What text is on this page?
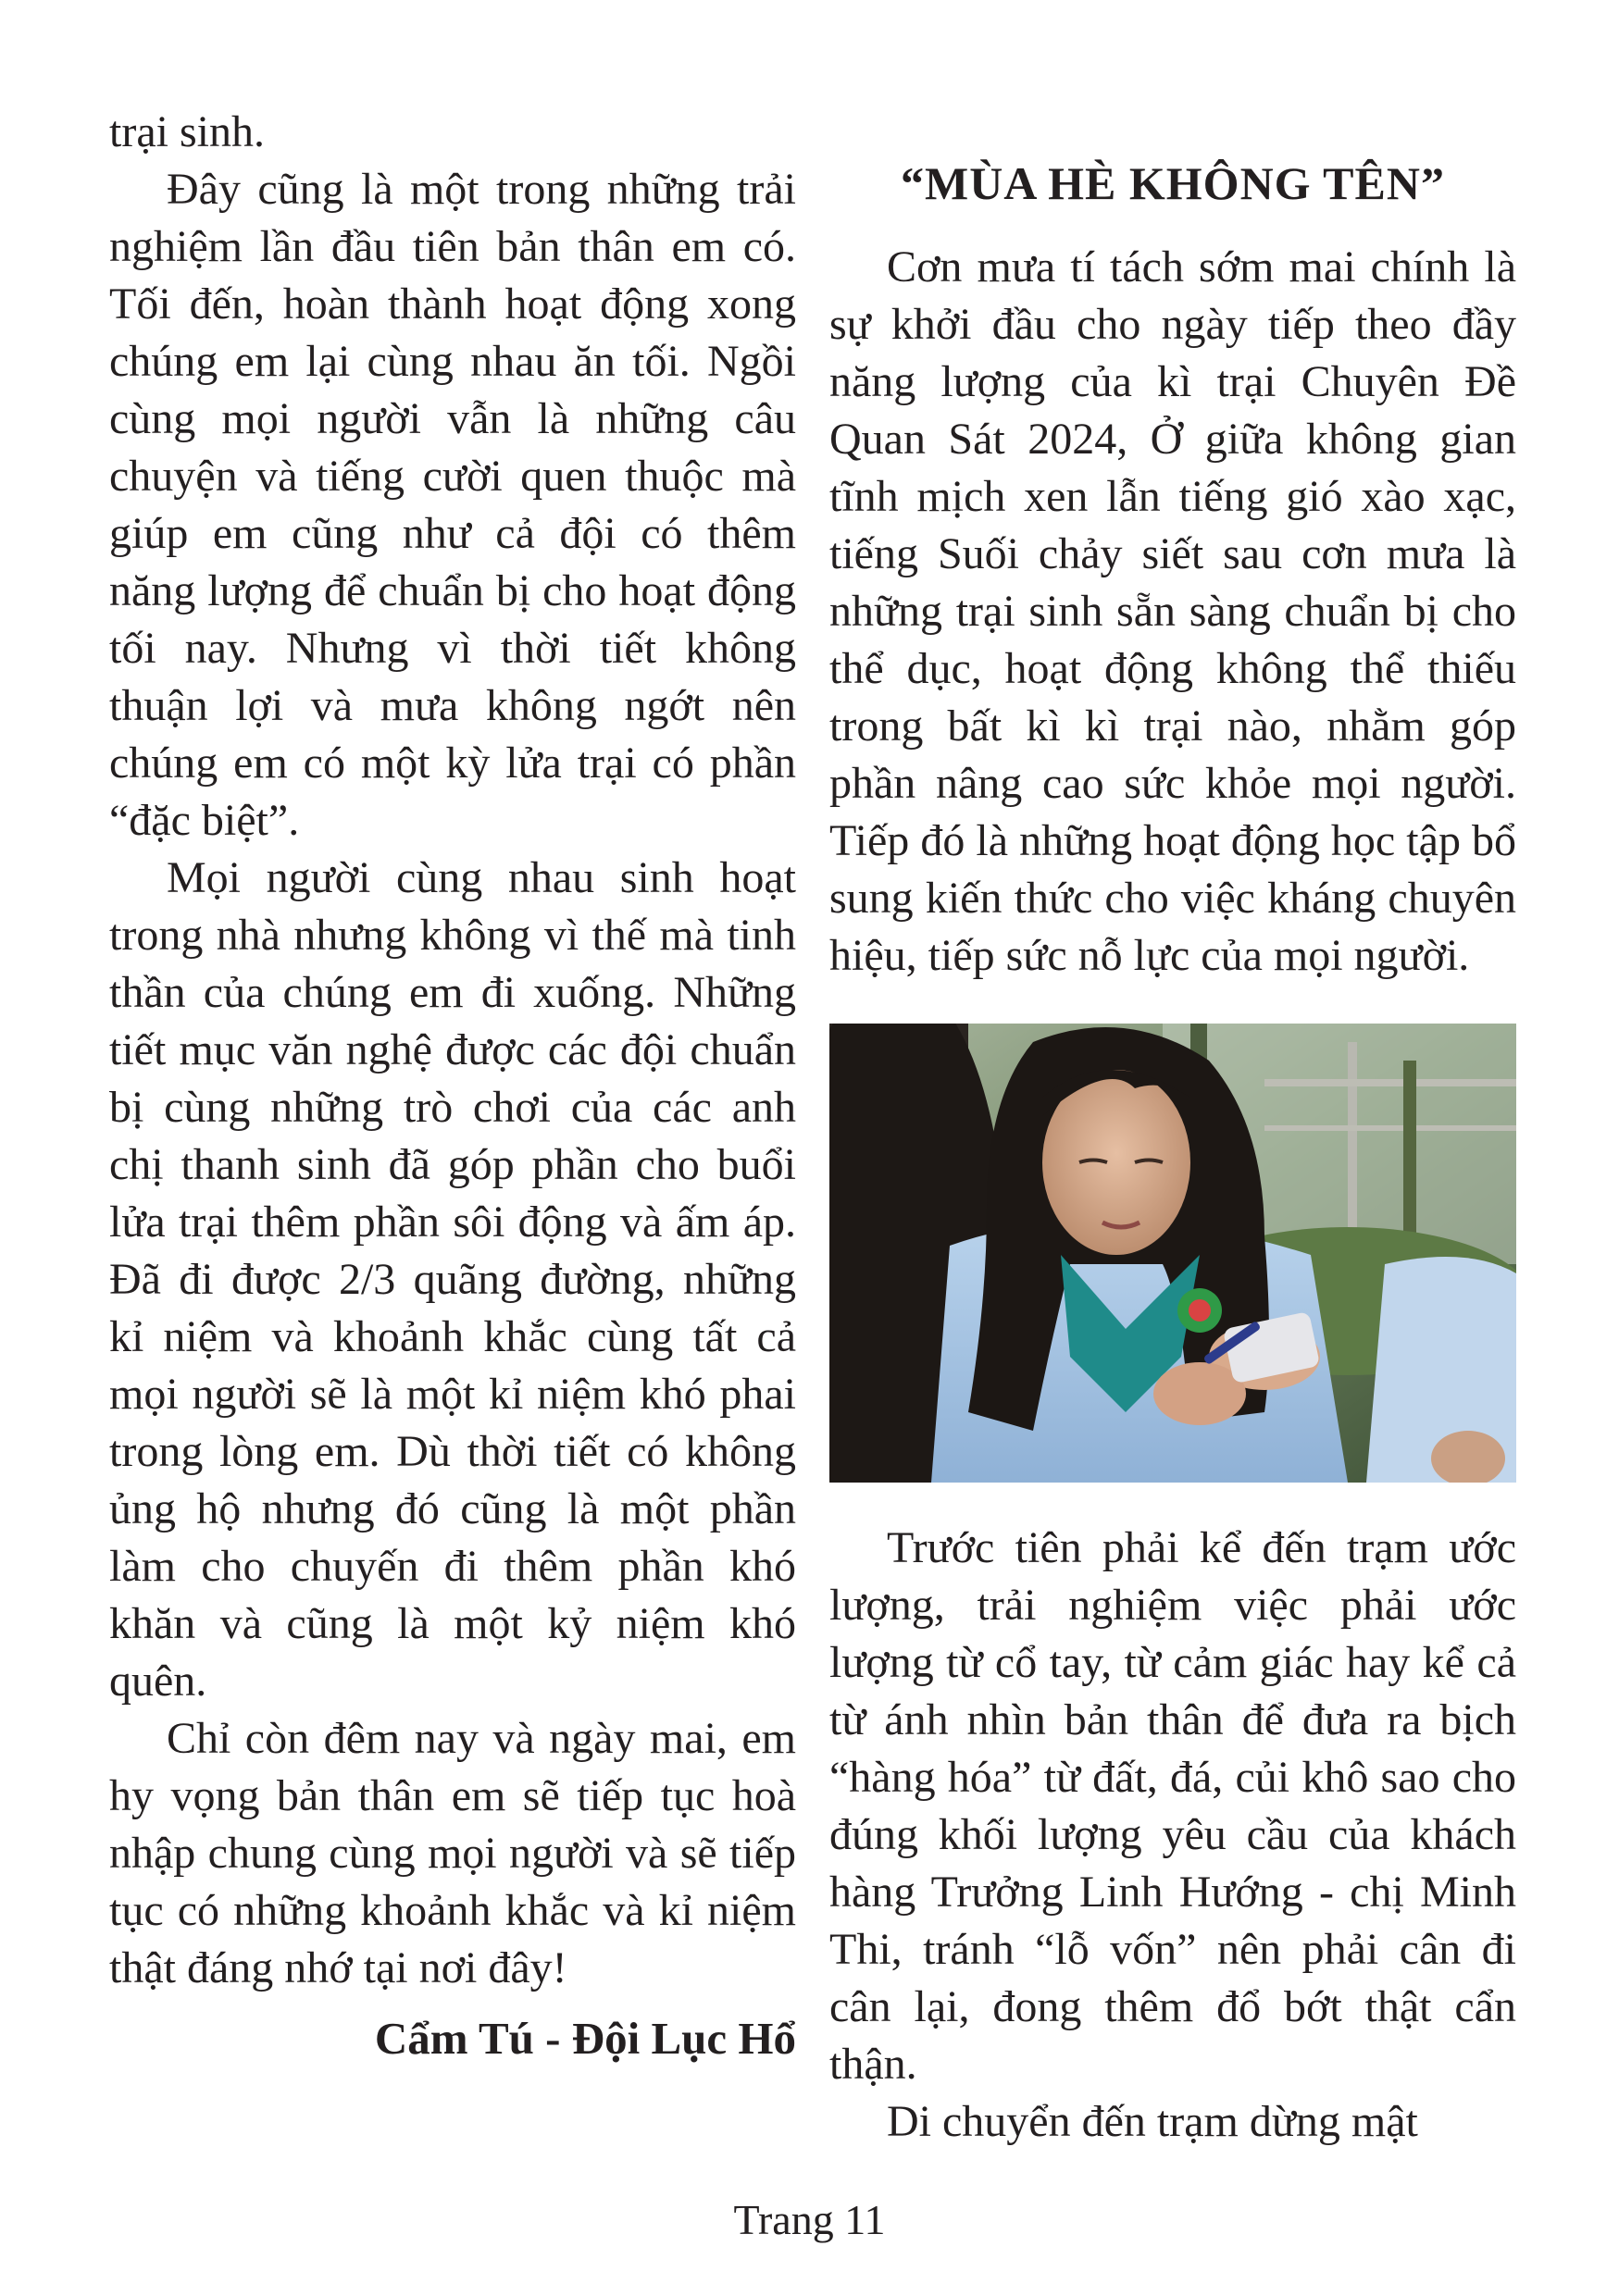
trại sinh.

Đây cũng là một trong những trải nghiệm lần đầu tiên bản thân em có. Tối đến, hoàn thành hoạt động xong chúng em lại cùng nhau ăn tối. Ngồi cùng mọi người vẫn là những câu chuyện và tiếng cười quen thuộc mà giúp em cũng như cả đội có thêm năng lượng để chuẩn bị cho hoạt động tối nay. Nhưng vì thời tiết không thuận lợi và mưa không ngớt nên chúng em có một kỳ lửa trại có phần “đặc biệt”.

Mọi người cùng nhau sinh hoạt trong nhà nhưng không vì thế mà tinh thần của chúng em đi xuống. Những tiết mục văn nghệ được các đội chuẩn bị cùng những trò chơi của các anh chị thanh sinh đã góp phần cho buổi lửa trại thêm phần sôi động và ấm áp. Đã đi được 2/3 quãng đường, những kỉ niệm và khoảnh khắc cùng tất cả mọi người sẽ là một kỉ niệm khó phai trong lòng em. Dù thời tiết có không ủng hộ nhưng đó cũng là một phần làm cho chuyến đi thêm phần khó khăn và cũng là một kỷ niệm khó quên.

Chỉ còn đêm nay và ngày mai, em hy vọng bản thân em sẽ tiếp tục hoà nhập chung cùng mọi người và sẽ tiếp tục có những khoảnh khắc và kỉ niệm thật đáng nhớ tại nơi đây!

Cẩm Tú - Đội Lục Hổ
“MÙA HÈ KHÔNG TÊN”

Cơn mưa tí tách sớm mai chính là sự khởi đầu cho ngày tiếp theo đầy năng lượng của kì trại Chuyên Đề Quan Sát 2024, Ở giữa không gian tĩnh mịch xen lẫn tiếng gió xào xạc, tiếng Suối chảy siết sau cơn mưa là những trại sinh sẵn sàng chuẩn bị cho thể dục, hoạt động không thể thiếu trong bất kì kì trại nào, nhằm góp phần nâng cao sức khỏe mọi người. Tiếp đó là những hoạt động học tập bổ sung kiến thức cho việc kháng chuyên hiệu, tiếp sức nỗ lực của mọi người.

Trước tiên phải kể đến trạm ước lượng, trải nghiệm việc phải ước lượng từ cổ tay, từ cảm giác hay kể cả từ ánh nhìn bản thân để đưa ra bịch “hàng hóa” từ đất, đá, củi khô sao cho đúng khối lượng yêu cầu của khách hàng Trưởng Linh Hướng - chị Minh Thi, tránh “lỗ vốn” nên phải cân đi cân lại, đong thêm đổ bớt thật cẩn thận.

Di chuyển đến trạm dừng mật

Trang 11
